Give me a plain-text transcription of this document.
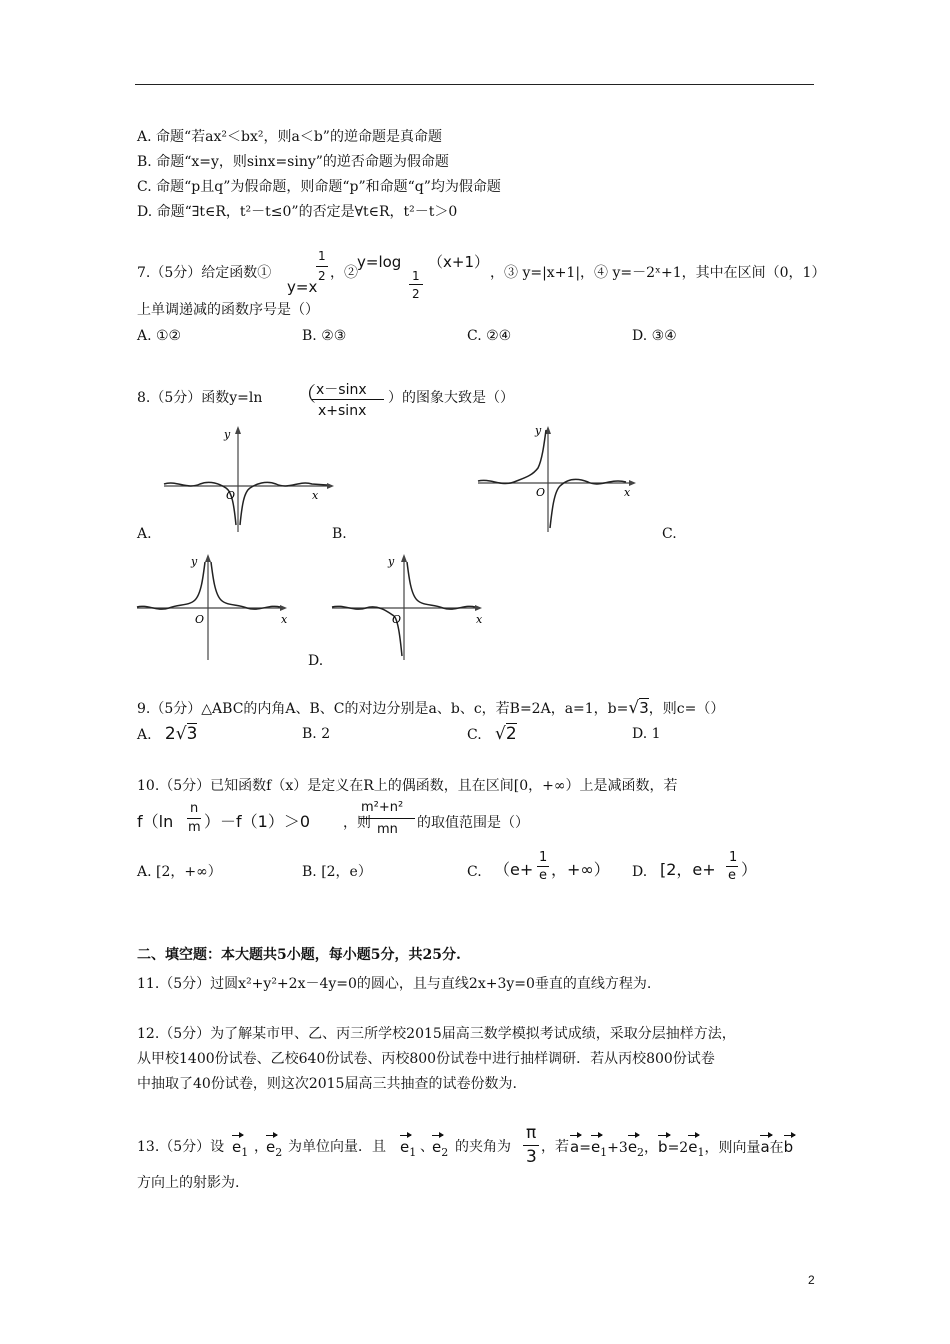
A. 命题“若ax²＜bx²，则a＜b”的逆命题是真命题
B. 命题“x=y，则sinx=siny”的逆否命题为假命题
C. 命题“p且q”为假命题，则命题“p”和命题“q”均为假命题
D. 命题“∃t∈R，t²－t≤0”的否定是∀t∈R，t²－t＞0
7.（5分）给定函数①
y=x
1
2 ，②
y=log
1
2
（x+1）
，③ y=|x+1|，④ y=－2ˣ+1，其中在区间（0，1）
上单调递减的函数序号是（）
A. ①②	B. ②③	C. ②④	D. ③④
8.（5分）函数y=ln （ x－sinx
x+sinx
）的图象大致是（）
y
x
O
y
x
O
A.	B.	C.
y
x
O
y
x
O
D.
9.（5分）△ABC的内角A、B、C的对边分别是a、b、c，若B=2A，a=1，b=√3，则c=（）
A. 2√3	B. 2	C. √2	D. 1
10.（5分）已知函数f（x）是定义在R上的偶函数，且在区间[0，+∞）上是减函数，若
f（ln
n
m ）－f（1）＞0 ，则
m²+n²
mn 的取值范围是（）
A. [2，+∞）	B. [2，e）	C. （e+
1
e ，+∞） D. [2，e+
1
e ）
二、填空题：本大题共5小题，每小题5分，共25分.
11.（5分）过圆x²+y²+2x－4y=0的圆心，且与直线2x+3y=0垂直的直线方程为.
12.（5分）为了解某市甲、乙、丙三所学校2015届高三数学模拟考试成绩，采取分层抽样方法，
从甲校1400份试卷、乙校640份试卷、丙校800份试卷中进行抽样调研．若从丙校800份试卷
中抽取了40份试卷，则这次2015届高三共抽查的试卷份数为.
13.（5分）设 $e_1$ ，
$e_2$ 为单位向量．且 $e_1$ 、
$e_2$ 的夹角为
π
3 ，若 $a=e_1+3e_2$，$b=2e_1$，则向量a在b
方向上的射影为.
2
